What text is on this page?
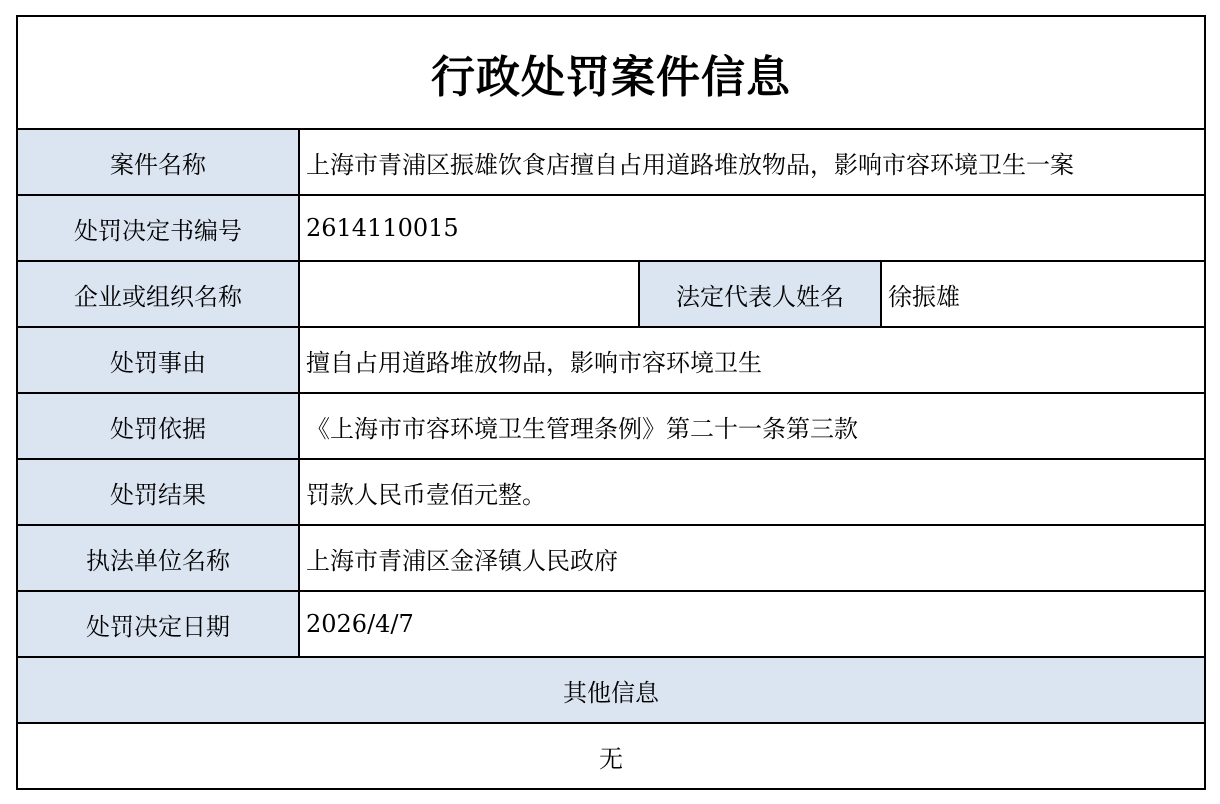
行政处罚案件信息			
案件名称	上海市青浦区振雄饮食店擅自占用道路堆放物品，影响市容环境卫生一案		
处罚决定书编号	2614110015		
企业或组织名称		法定代表人姓名	徐振雄
处罚事由	擅自占用道路堆放物品，影响市容环境卫生		
处罚依据	《上海市市容环境卫生管理条例》第二十一条第三款		
处罚结果	罚款人民币壹佰元整。		
执法单位名称	上海市青浦区金泽镇人民政府		
处罚决定日期	2026/4/7		
其他信息			
无			
